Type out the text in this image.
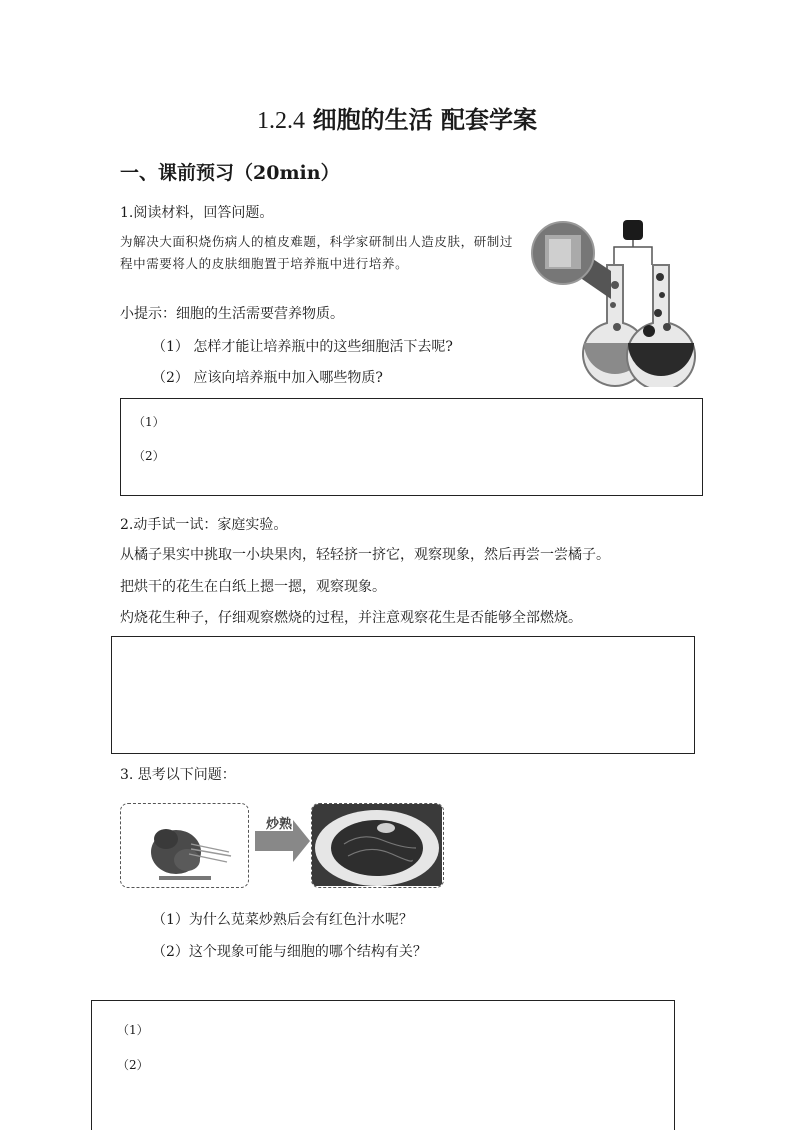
1.2.4 细胞的生活 配套学案
一、课前预习（20min）
1.阅读材料，回答问题。
为解决大面积烧伤病人的植皮难题，科学家研制出人造皮肤，研制过程中需要将人的皮肤细胞置于培养瓶中进行培养。
小提示：细胞的生活需要营养物质。
（1） 怎样才能让培养瓶中的这些细胞活下去呢?
（2） 应该向培养瓶中加入哪些物质?
（1）
（2）
2.动手试一试：家庭实验。
从橘子果实中挑取一小块果肉，轻轻挤一挤它，观察现象，然后再尝一尝橘子。
把烘干的花生在白纸上摁一摁，观察现象。
灼烧花生种子，仔细观察燃烧的过程，并注意观察花生是否能够全部燃烧。
3. 思考以下问题：
炒熟
（1）为什么苋菜炒熟后会有红色汁水呢？
（2）这个现象可能与细胞的哪个结构有关？
（1）
（2）
